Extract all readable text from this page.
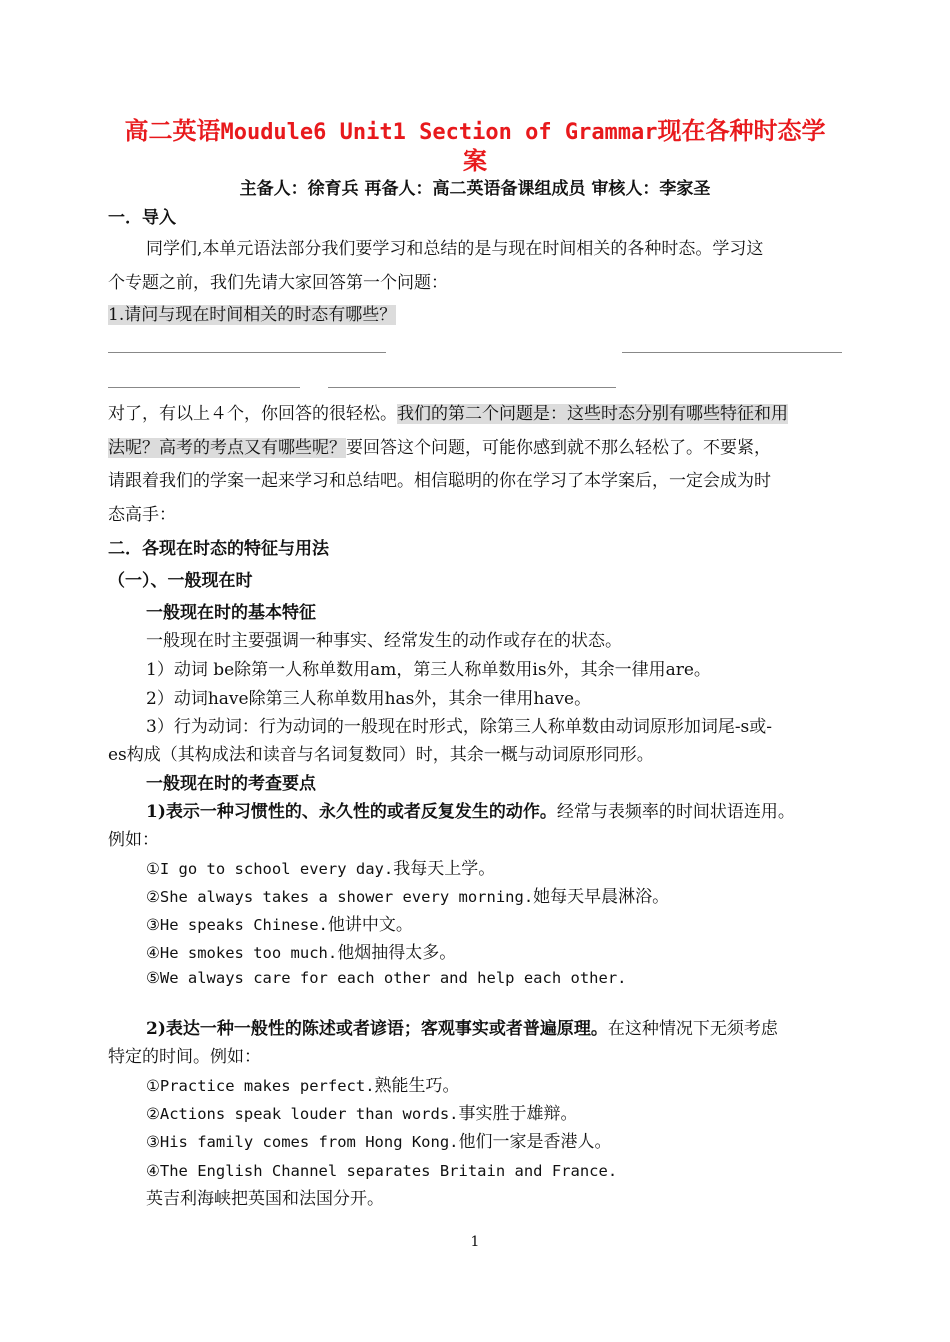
高二英语Moudule6 Unit1 Section of Grammar现在各种时态学
案
主备人：徐育兵 再备人：高二英语备课组成员 审核人：李家圣
一．导入
同学们,本单元语法部分我们要学习和总结的是与现在时间相关的各种时态。学习这
个专题之前，我们先请大家回答第一个问题：
1.请问与现在时间相关的时态有哪些？
对了，有以上４个，你回答的很轻松。我们的第二个问题是：这些时态分别有哪些特征和用
法呢？高考的考点又有哪些呢？要回答这个问题，可能你感到就不那么轻松了。不要紧，
请跟着我们的学案一起来学习和总结吧。相信聪明的你在学习了本学案后，一定会成为时
态高手：
二．各现在时态的特征与用法
（一）、一般现在时
一般现在时的基本特征
一般现在时主要强调一种事实、经常发生的动作或存在的状态。
1）动词 be除第一人称单数用am，第三人称单数用is外，其余一律用are。
2）动词have除第三人称单数用has外，其余一律用have。
3）行为动词：行为动词的一般现在时形式，除第三人称单数由动词原形加词尾-s或-
es构成（其构成法和读音与名词复数同）时，其余一概与动词原形同形。
一般现在时的考查要点
1)表示一种习惯性的、永久性的或者反复发生的动作。经常与表频率的时间状语连用。
例如：
①I go to school every day.我每天上学。
②She always takes a shower every morning.她每天早晨淋浴。
③He speaks Chinese.他讲中文。
④He smokes too much.他烟抽得太多。
⑤We always care for each other and help each other.
2)表达一种一般性的陈述或者谚语；客观事实或者普遍原理。在这种情况下无须考虑
特定的时间。例如：
①Practice makes perfect.熟能生巧。
②Actions speak louder than words.事实胜于雄辩。
③His family comes from Hong Kong.他们一家是香港人。
④The English Channel separates Britain and France.
英吉利海峡把英国和法国分开。
1
